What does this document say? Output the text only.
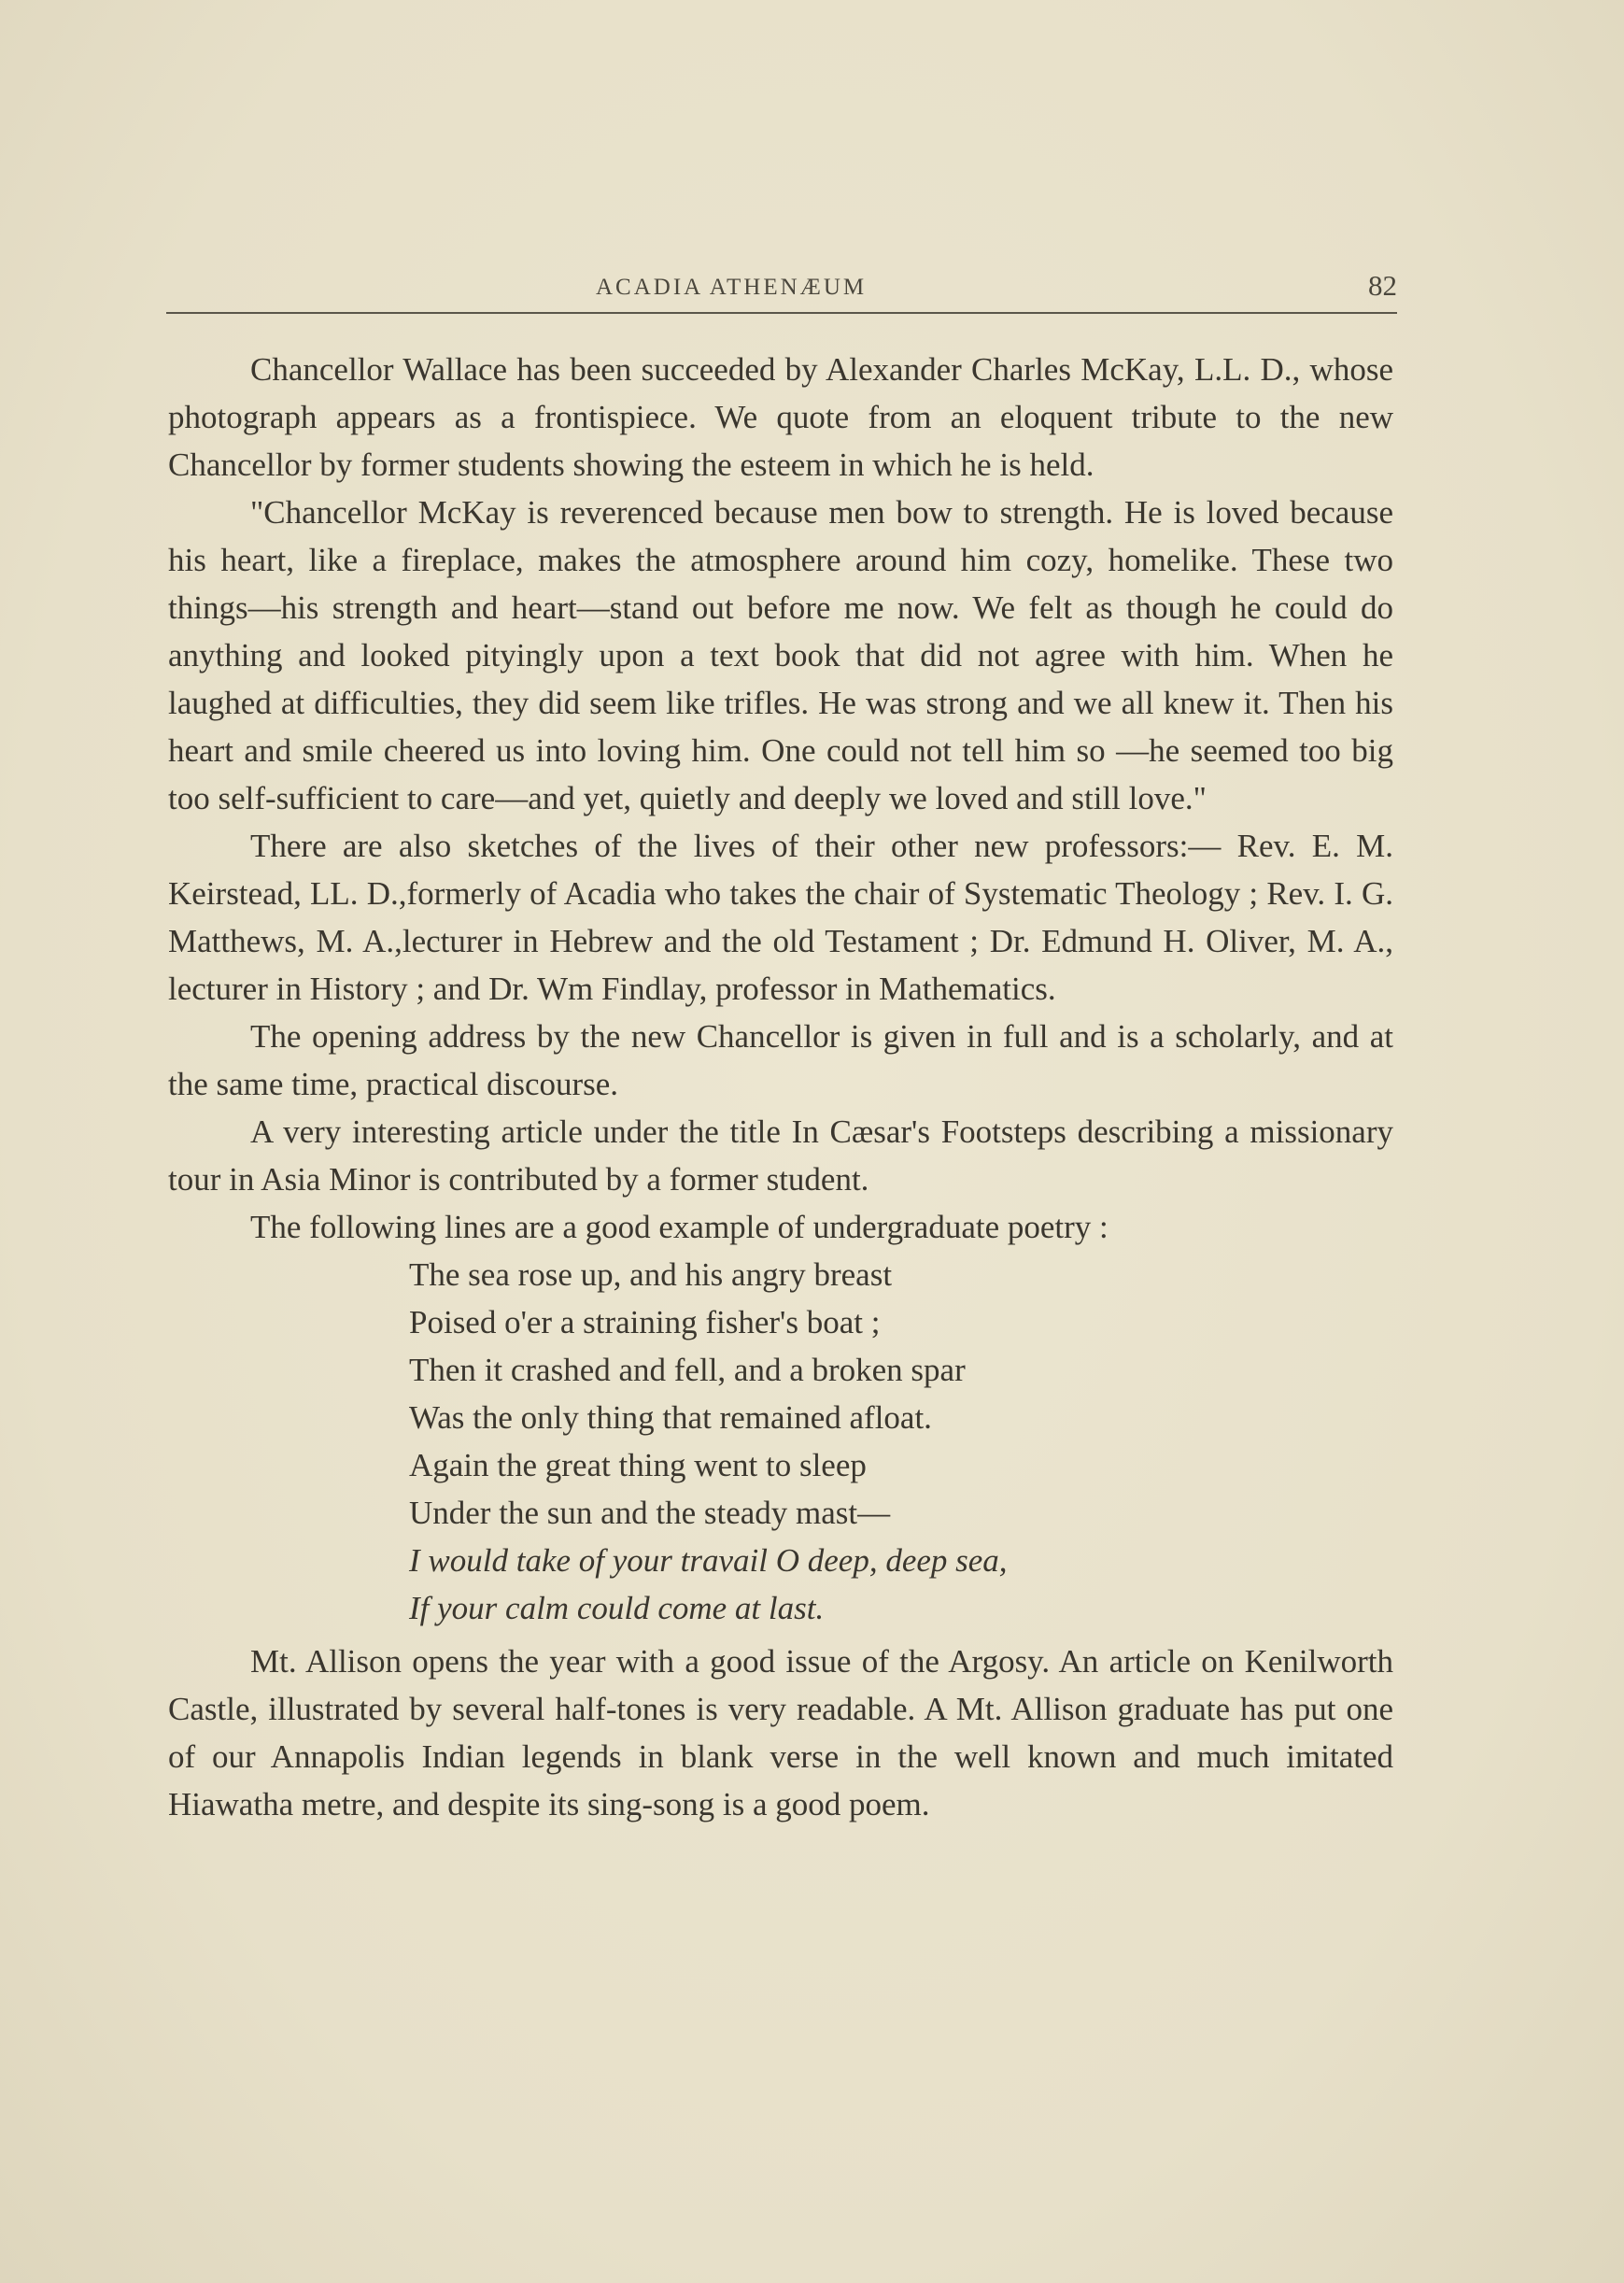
ACADIA ATHENÆUM	82

Chancellor Wallace has been succeeded by Alexander Charles McKay, L.L. D., whose photograph appears as a frontispiece. We quote from an eloquent tribute to the new Chancellor by former students showing the esteem in which he is held.

"Chancellor McKay is reverenced because men bow to strength. He is loved because his heart, like a fireplace, makes the atmosphere around him cozy, homelike. These two things—his strength and heart—stand out before me now. We felt as though he could do anything and looked pityingly upon a text book that did not agree with him. When he laughed at difficulties, they did seem like trifles. He was strong and we all knew it. Then his heart and smile cheered us into loving him. One could not tell him so —he seemed too big too self-sufficient to care—and yet, quietly and deeply we loved and still love."

There are also sketches of the lives of their other new professors:— Rev. E. M. Keirstead, LL. D.,formerly of Acadia who takes the chair of Systematic Theology ; Rev. I. G. Matthews, M. A.,lecturer in Hebrew and the old Testament ; Dr. Edmund H. Oliver, M. A., lecturer in History ; and Dr. Wm Findlay, professor in Mathematics.

The opening address by the new Chancellor is given in full and is a scholarly, and at the same time, practical discourse.

A very interesting article under the title In Cæsar's Footsteps describing a missionary tour in Asia Minor is contributed by a former student.

The following lines are a good example of undergraduate poetry :

The sea rose up, and his angry breast
Poised o'er a straining fisher's boat ;
Then it crashed and fell, and a broken spar
Was the only thing that remained afloat.
Again the great thing went to sleep
Under the sun and the steady mast—
I would take of your travail O deep, deep sea,
If your calm could come at last.

Mt. Allison opens the year with a good issue of the Argosy. An article on Kenilworth Castle, illustrated by several half-tones is very readable. A Mt. Allison graduate has put one of our Annapolis Indian legends in blank verse in the well known and much imitated Hiawatha metre, and despite its sing-song is a good poem.
